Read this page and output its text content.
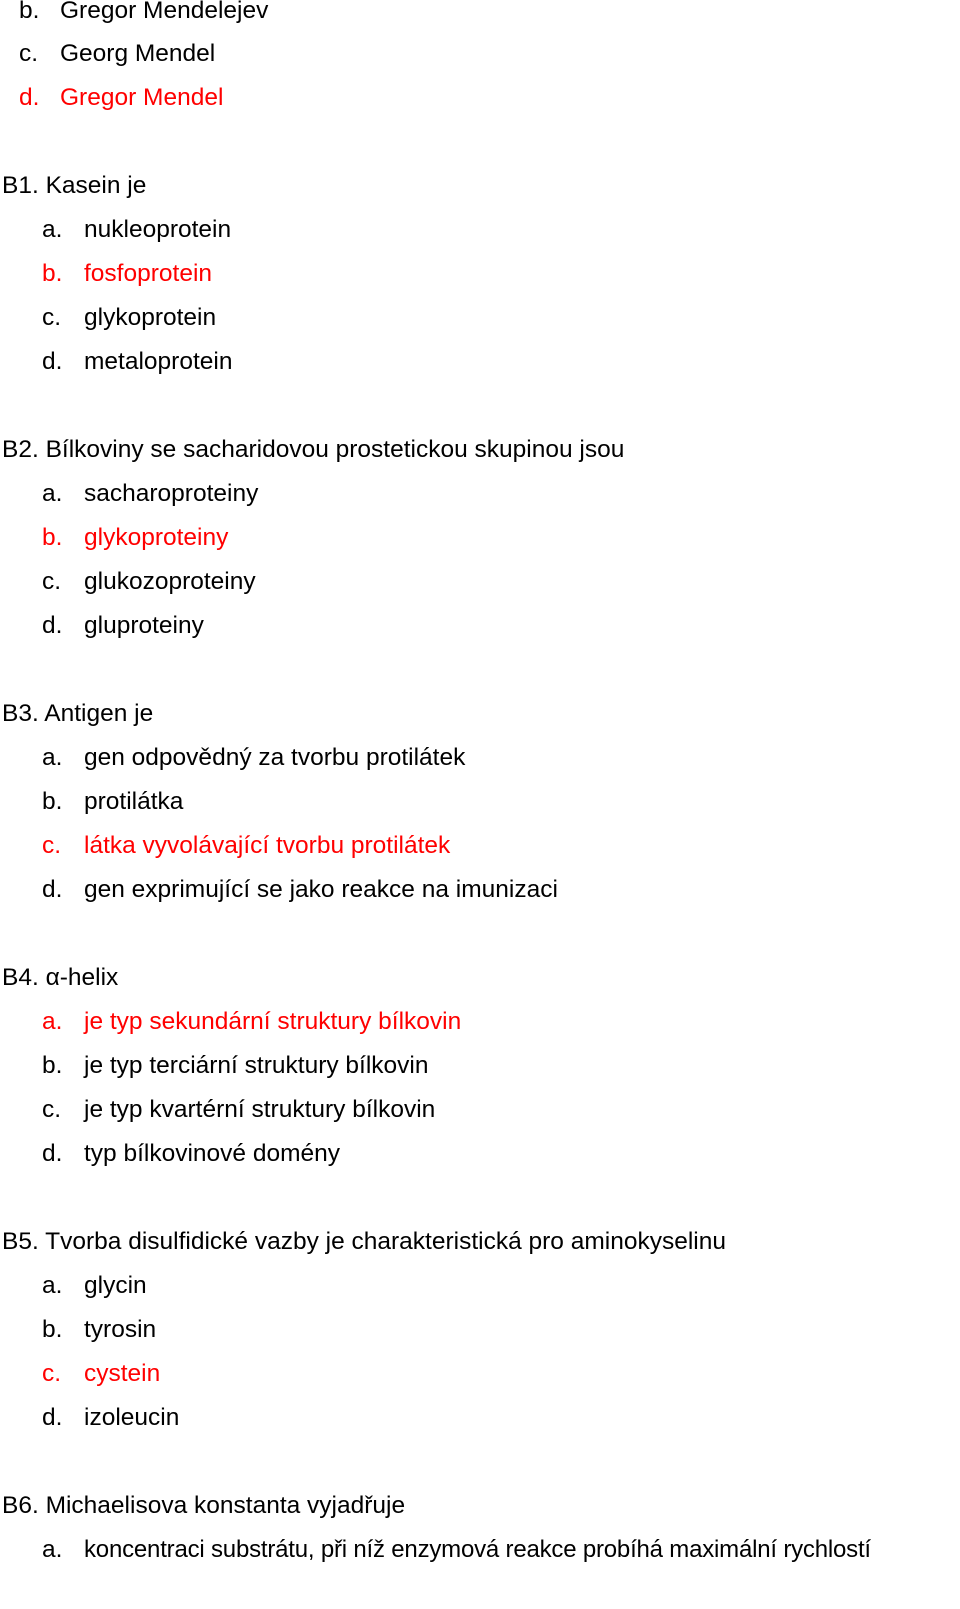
b. Gregor Mendelejev
c. Georg Mendel
d. Gregor Mendel
B1. Kasein je
a. nukleoprotein
b. fosfoprotein
c. glykoprotein
d. metaloprotein
B2. Bílkoviny se sacharidovou prostetickou skupinou jsou
a. sacharoproteiny
b. glykoproteiny
c. glukozoproteiny
d. gluproteiny
B3. Antigen je
a. gen odpovědný za tvorbu protilátek
b. protilátka
c. látka vyvolávající tvorbu protilátek
d. gen exprimující se jako reakce na imunizaci
B4. α-helix
a. je typ sekundární struktury bílkovin
b. je typ terciární struktury bílkovin
c. je typ kvartérní struktury bílkovin
d. typ bílkovinové domény
B5. Tvorba disulfidické vazby je charakteristická pro aminokyselinu
a. glycin
b. tyrosin
c. cystein
d. izoleucin
B6. Michaelisova konstanta vyjadřuje
a. koncentraci substrátu, při níž enzymová reakce probíhá maximální rychlostí
